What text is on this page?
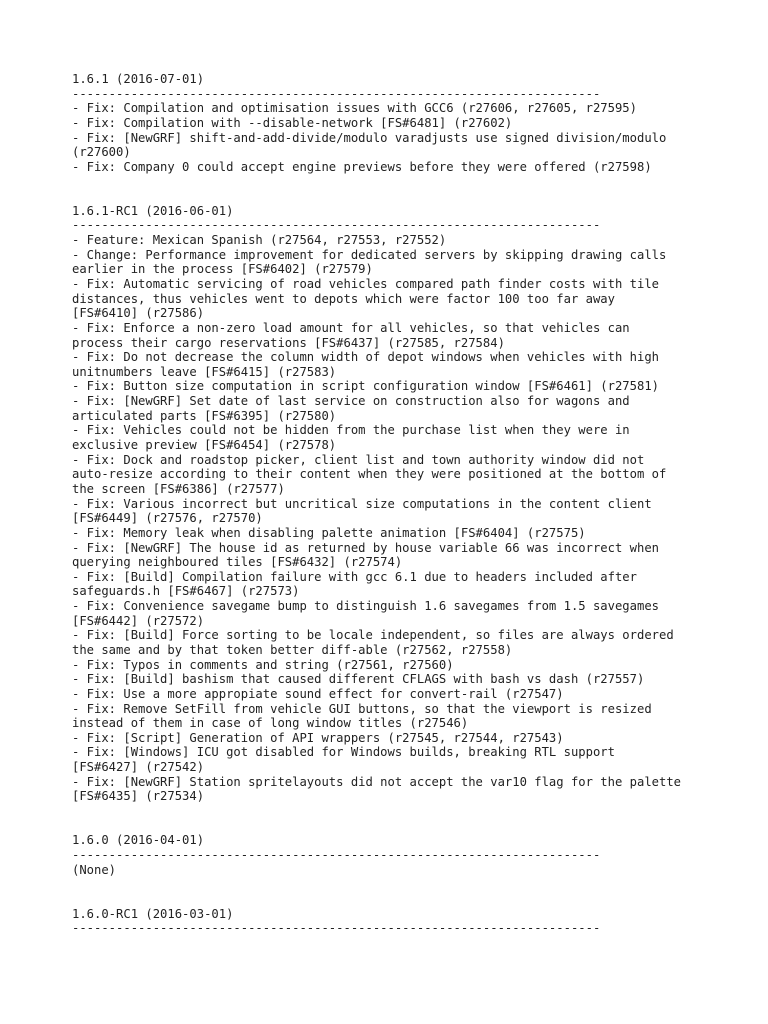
1.6.1 (2016-07-01)
------------------------------------------------------------------------
- Fix: Compilation and optimisation issues with GCC6 (r27606, r27605, r27595)
- Fix: Compilation with --disable-network [FS#6481] (r27602)
- Fix: [NewGRF] shift-and-add-divide/modulo varadjusts use signed division/modulo
(r27600)
- Fix: Company 0 could accept engine previews before they were offered (r27598)
1.6.1-RC1 (2016-06-01)
------------------------------------------------------------------------
- Feature: Mexican Spanish (r27564, r27553, r27552)
- Change: Performance improvement for dedicated servers by skipping drawing calls
earlier in the process [FS#6402] (r27579)
- Fix: Automatic servicing of road vehicles compared path finder costs with tile
distances, thus vehicles went to depots which were factor 100 too far away
[FS#6410] (r27586)
- Fix: Enforce a non-zero load amount for all vehicles, so that vehicles can
process their cargo reservations [FS#6437] (r27585, r27584)
- Fix: Do not decrease the column width of depot windows when vehicles with high
unitnumbers leave [FS#6415] (r27583)
- Fix: Button size computation in script configuration window [FS#6461] (r27581)
- Fix: [NewGRF] Set date of last service on construction also for wagons and
articulated parts [FS#6395] (r27580)
- Fix: Vehicles could not be hidden from the purchase list when they were in
exclusive preview [FS#6454] (r27578)
- Fix: Dock and roadstop picker, client list and town authority window did not
auto-resize according to their content when they were positioned at the bottom of
the screen [FS#6386] (r27577)
- Fix: Various incorrect but uncritical size computations in the content client
[FS#6449] (r27576, r27570)
- Fix: Memory leak when disabling palette animation [FS#6404] (r27575)
- Fix: [NewGRF] The house id as returned by house variable 66 was incorrect when
querying neighboured tiles [FS#6432] (r27574)
- Fix: [Build] Compilation failure with gcc 6.1 due to headers included after
safeguards.h [FS#6467] (r27573)
- Fix: Convenience savegame bump to distinguish 1.6 savegames from 1.5 savegames
[FS#6442] (r27572)
- Fix: [Build] Force sorting to be locale independent, so files are always ordered
the same and by that token better diff-able (r27562, r27558)
- Fix: Typos in comments and string (r27561, r27560)
- Fix: [Build] bashism that caused different CFLAGS with bash vs dash (r27557)
- Fix: Use a more appropiate sound effect for convert-rail (r27547)
- Fix: Remove SetFill from vehicle GUI buttons, so that the viewport is resized
instead of them in case of long window titles (r27546)
- Fix: [Script] Generation of API wrappers (r27545, r27544, r27543)
- Fix: [Windows] ICU got disabled for Windows builds, breaking RTL support
[FS#6427] (r27542)
- Fix: [NewGRF] Station spritelayouts did not accept the var10 flag for the palette
[FS#6435] (r27534)
1.6.0 (2016-04-01)
------------------------------------------------------------------------
(None)
1.6.0-RC1 (2016-03-01)
------------------------------------------------------------------------
